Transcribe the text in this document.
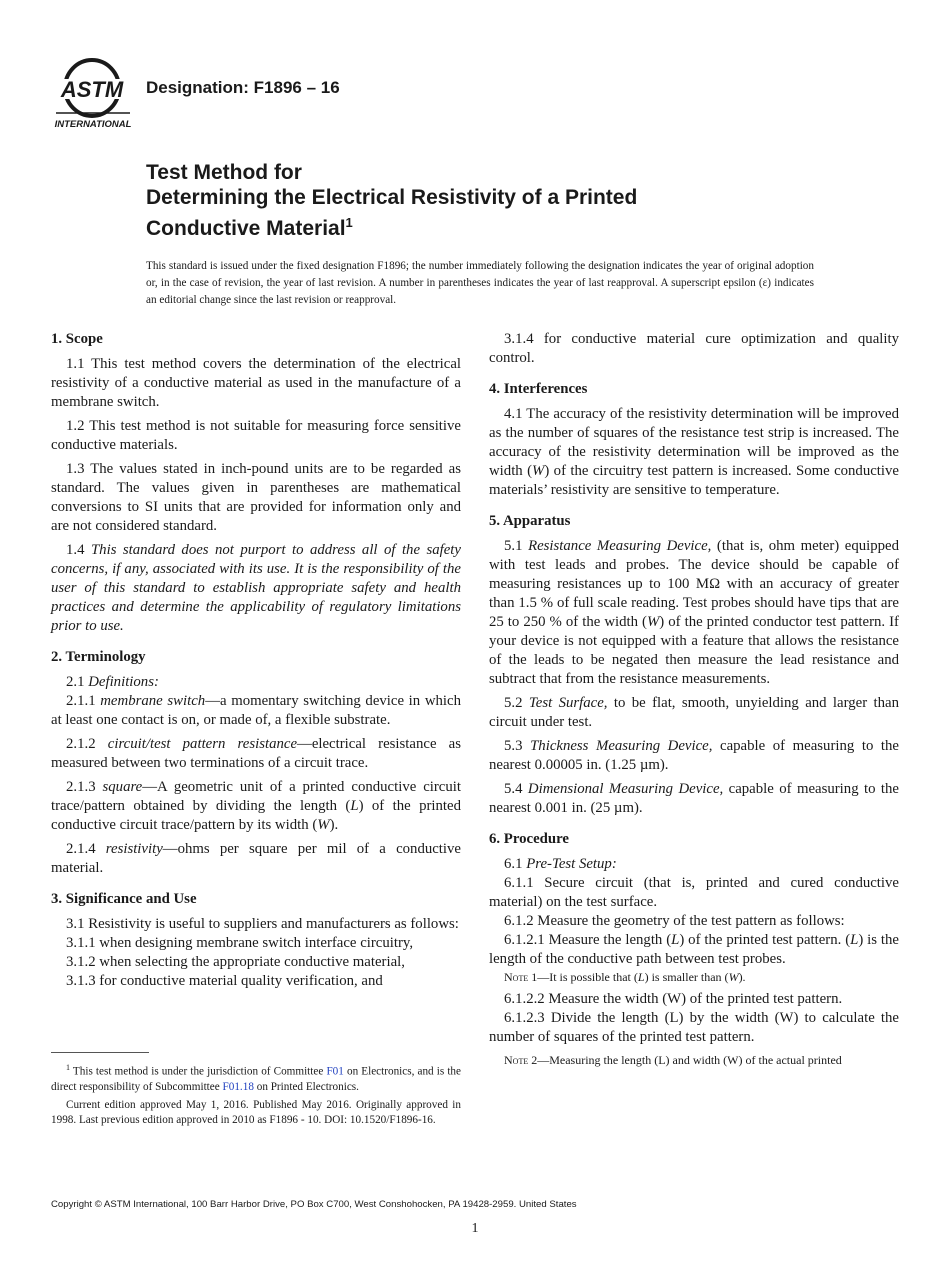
ASTM
INTERNATIONAL
Designation: F1896 – 16
Test Method for
Determining the Electrical Resistivity of a Printed
Conductive Material$^1$
This standard is issued under the fixed designation F1896; the number immediately following the designation indicates the year of original adoption or, in the case of revision, the year of last revision. A number in parentheses indicates the year of last reapproval. A superscript epsilon (ε) indicates an editorial change since the last revision or reapproval.
1. Scope

1.1 This test method covers the determination of the electrical resistivity of a conductive material as used in the manufacture of a membrane switch.

1.2 This test method is not suitable for measuring force sensitive conductive materials.

1.3 The values stated in inch-pound units are to be regarded as standard. The values given in parentheses are mathematical conversions to SI units that are provided for information only and are not considered standard.

1.4 This standard does not purport to address all of the safety concerns, if any, associated with its use. It is the responsibility of the user of this standard to establish appropriate safety and health practices and determine the applicability of regulatory limitations prior to use.

2. Terminology

2.1 Definitions:

2.1.1 membrane switch—a momentary switching device in which at least one contact is on, or made of, a flexible substrate.

2.1.2 circuit/test pattern resistance—electrical resistance as measured between two terminations of a circuit trace.

2.1.3 square—A geometric unit of a printed conductive circuit trace/pattern obtained by dividing the length (L) of the printed conductive circuit trace/pattern by its width (W).

2.1.4 resistivity—ohms per square per mil of a conductive material.

3. Significance and Use

3.1 Resistivity is useful to suppliers and manufacturers as follows:

3.1.1 when designing membrane switch interface circuitry,

3.1.2 when selecting the appropriate conductive material,

3.1.3 for conductive material quality verification, and

$^1$ This test method is under the jurisdiction of Committee F01 on Electronics, and is the direct responsibility of Subcommittee F01.18 on Printed Electronics.

Current edition approved May 1, 2016. Published May 2016. Originally approved in 1998. Last previous edition approved in 2010 as F1896 - 10. DOI: 10.1520/F1896-16.

3.1.4 for conductive material cure optimization and quality control.

4. Interferences

4.1 The accuracy of the resistivity determination will be improved as the number of squares of the resistance test strip is increased. The accuracy of the resistivity determination will be improved as the width (W) of the circuitry test pattern is increased. Some conductive materials’ resistivity are sensitive to temperature.

5. Apparatus

5.1 Resistance Measuring Device, (that is, ohm meter) equipped with test leads and probes. The device should be capable of measuring resistances up to 100 MΩ with an accuracy of greater than 1.5 % of full scale reading. Test probes should have tips that are 25 to 250 % of the width (W) of the printed conductor test pattern. If your device is not equipped with a feature that allows the resistance of the leads to be negated then measure the lead resistance and subtract that from the resistance measurements.

5.2 Test Surface, to be flat, smooth, unyielding and larger than circuit under test.

5.3 Thickness Measuring Device, capable of measuring to the nearest 0.00005 in. (1.25 µm).

5.4 Dimensional Measuring Device, capable of measuring to the nearest 0.001 in. (25 µm).

6. Procedure

6.1 Pre-Test Setup:

6.1.1 Secure circuit (that is, printed and cured conductive material) on the test surface.

6.1.2 Measure the geometry of the test pattern as follows:

6.1.2.1 Measure the length (L) of the printed test pattern. (L) is the length of the conductive path between test probes.

Note 1—It is possible that (L) is smaller than (W).

6.1.2.2 Measure the width (W) of the printed test pattern.

6.1.2.3 Divide the length (L) by the width (W) to calculate the number of squares of the printed test pattern.

Note 2—Measuring the length (L) and width (W) of the actual printed

Copyright © ASTM International, 100 Barr Harbor Drive, PO Box C700, West Conshohocken, PA 19428-2959. United States
1
